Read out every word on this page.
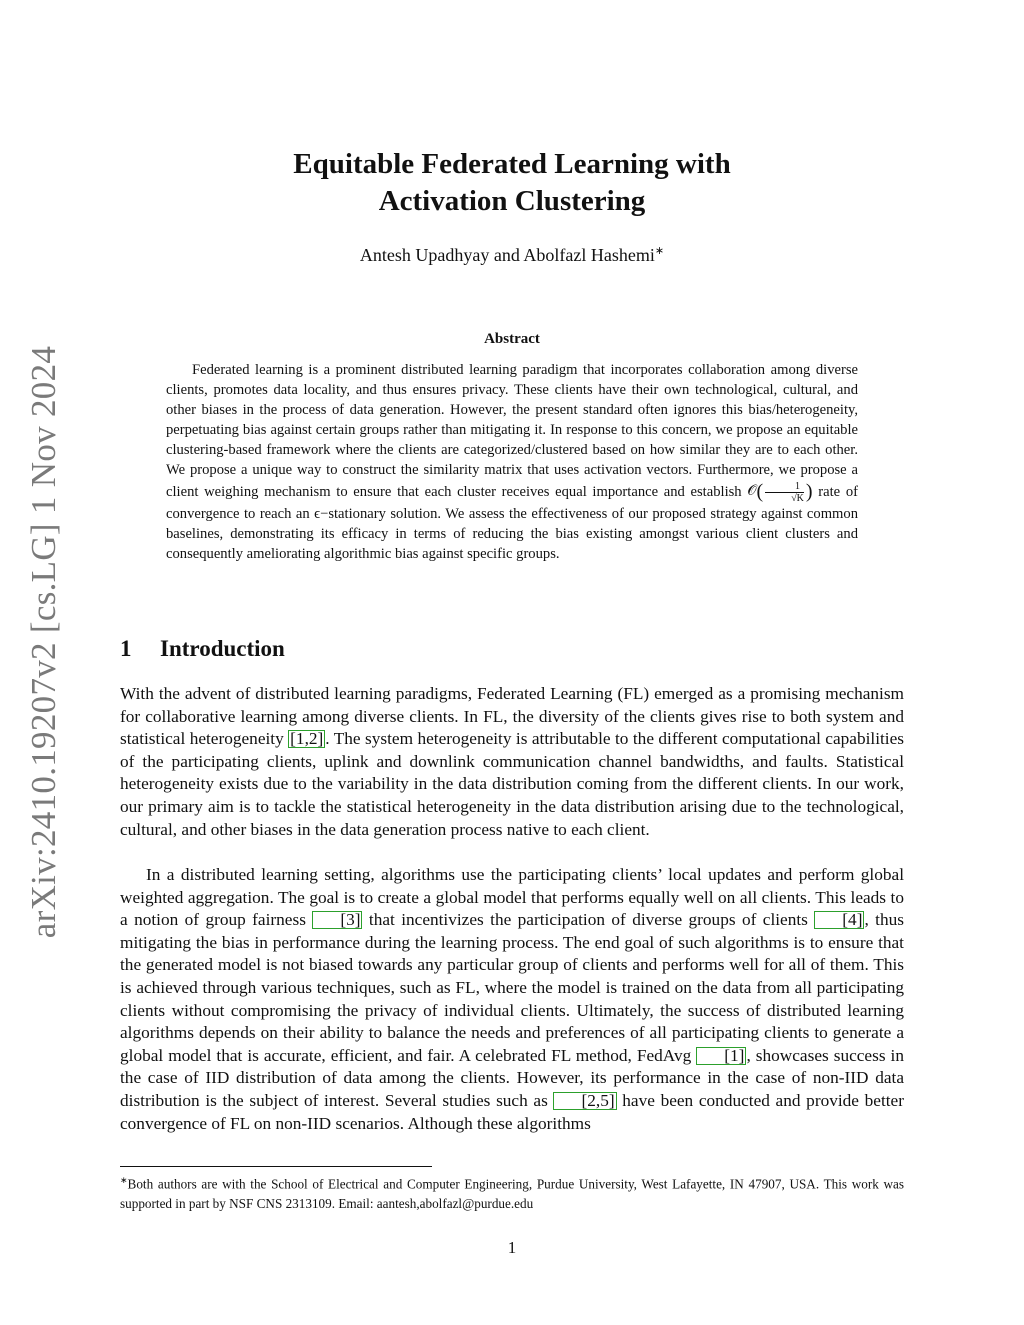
arXiv:2410.19207v2 [cs.LG] 1 Nov 2024
Equitable Federated Learning with
Activation Clustering
Antesh Upadhyay and Abolfazl Hashemi∗
Abstract

Federated learning is a prominent distributed learning paradigm that incorporates collaboration among diverse clients, promotes data locality, and thus ensures privacy. These clients have their own technological, cultural, and other biases in the process of data generation. However, the present standard often ignores this bias/heterogeneity, perpetuating bias against certain groups rather than mitigating it. In response to this concern, we propose an equitable clustering-based framework where the clients are categorized/clustered based on how similar they are to each other. We propose a unique way to construct the similarity matrix that uses activation vectors. Furthermore, we propose a client weighing mechanism to ensure that each cluster receives equal importance and establish 𝒪( $\frac{1}{√K}$ ) rate of convergence to reach an ϵ−stationary solution. We assess the effectiveness of our proposed strategy against common baselines, demonstrating its efficacy in terms of reducing the bias existing amongst various client clusters and consequently ameliorating algorithmic bias against specific groups.

1 Introduction

With the advent of distributed learning paradigms, Federated Learning (FL) emerged as a promising mechanism for collaborative learning among diverse clients. In FL, the diversity of the clients gives rise to both system and statistical heterogeneity [1,2] . The system heterogeneity is attributable to the different computational capabilities of the participating clients, uplink and downlink communication channel bandwidths, and faults. Statistical heterogeneity exists due to the variability in the data distribution coming from the different clients. In our work, our primary aim is to tackle the statistical heterogeneity in the data distribution arising due to the technological, cultural, and other biases in the data generation process native to each client.

In a distributed learning setting, algorithms use the participating clients’ local updates and perform global weighted aggregation. The goal is to create a global model that performs equally well on all clients. This leads to a notion of group fairness [3] that incentivizes the participation of diverse groups of clients [4] , thus mitigating the bias in performance during the learning process. The end goal of such algorithms is to ensure that the generated model is not biased towards any particular group of clients and performs well for all of them. This is achieved through various techniques, such as FL, where the model is trained on the data from all participating clients without compromising the privacy of individual clients. Ultimately, the success of distributed learning algorithms depends on their ability to balance the needs and preferences of all participating clients to generate a global model that is accurate, efficient, and fair. A celebrated FL method, FedAvg [1] , showcases success in the case of IID distribution of data among the clients. However, its performance in the case of non-IID data distribution is the subject of interest. Several studies such as [2,5] have been conducted and provide better convergence of FL on non-IID scenarios. Although these algorithms

∗Both authors are with the School of Electrical and Computer Engineering, Purdue University, West Lafayette, IN 47907, USA. This work was supported in part by NSF CNS 2313109. Email: aantesh,abolfazl@purdue.edu

1
